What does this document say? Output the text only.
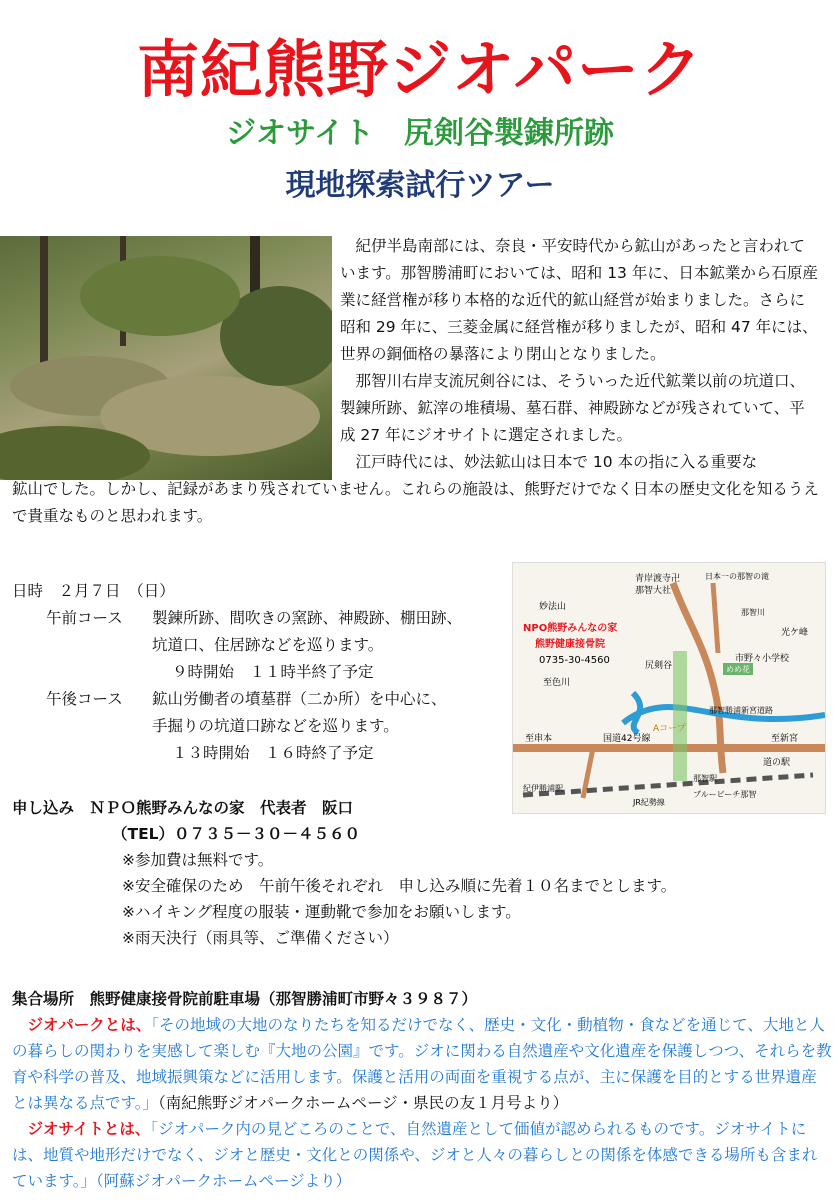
南紀熊野ジオパーク
ジオサイト　尻剣谷製錬所跡
現地探索試行ツアー

紀伊半島南部には、奈良・平安時代から鉱山があったと言われています。那智勝浦町においては、昭和 13 年に、日本鉱業から石原産業に経営権が移り本格的な近代的鉱山経営が始まりました。さらに昭和 29 年に、三菱金属に経営権が移りましたが、昭和 47 年には、世界の銅価格の暴落により閉山となりました。

那智川右岸支流尻剣谷には、そういった近代鉱業以前の坑道口、製錬所跡、鉱滓の堆積場、墓石群、神殿跡などが残されていて、平成 27 年にジオサイトに選定されました。

江戸時代には、妙法鉱山は日本で 10 本の指に入る重要な

鉱山でした。しかし、記録があまり残されていません。これらの施設は、熊野だけでなく日本の歴史文化を知るうえで貴重なものと思われます。
日時　２月７日　（日）
午前コース	製錬所跡、間吹きの窯跡、神殿跡、棚田跡、
坑道口、住居跡などを巡ります。
９時開始　１１時半終了予定
午後コース	鉱山労働者の墳墓群（二か所）を中心に、
手掘りの坑道口跡などを巡ります。
１３時開始　１６時終了予定
青岸渡寺卍
那智大社
日本一の那智の滝
妙法山
那智川
光ケ峰
NPO熊野みんなの家
熊野健康接骨院
0735-30-4560	尻剣谷
市野々小学校
至色川
めめ花
那智勝浦新宮道路
至串本	国道42号線	至新宮
Aコープ
道の駅
JR紀勢線
那智駅
紀伊勝浦駅
ブルービーチ那智
申し込み　ＮＰＯ熊野みんなの家　代表者　阪口
（TEL）０７３５－３０－４５６０
※参加費は無料です。
※安全確保のため　午前午後それぞれ　申し込み順に先着１０名までとします。
※ハイキング程度の服装・運動靴で参加をお願いします。
※雨天決行（雨具等、ご準備ください）
集合場所　熊野健康接骨院前駐車場（那智勝浦町市野々３９８７）
ジオパークとは、「その地域の大地のなりたちを知るだけでなく、歴史・文化・動植物・食などを通じて、大地と人の暮らしの関わりを実感して楽しむ『大地の公園』です。ジオに関わる自然遺産や文化遺産を保護しつつ、それらを教育や科学の普及、地域振興策などに活用します。保護と活用の両面を重視する点が、主に保護を目的とする世界遺産とは異なる点です。」（南紀熊野ジオパークホームページ・県民の友１月号より）
ジオサイトとは、「ジオパーク内の見どころのことで、自然遺産として価値が認められるものです。ジオサイトには、地質や地形だけでなく、ジオと歴史・文化との関係や、ジオと人々の暮らしとの関係を体感できる場所も含まれています。」（阿蘇ジオパークホームページより）
